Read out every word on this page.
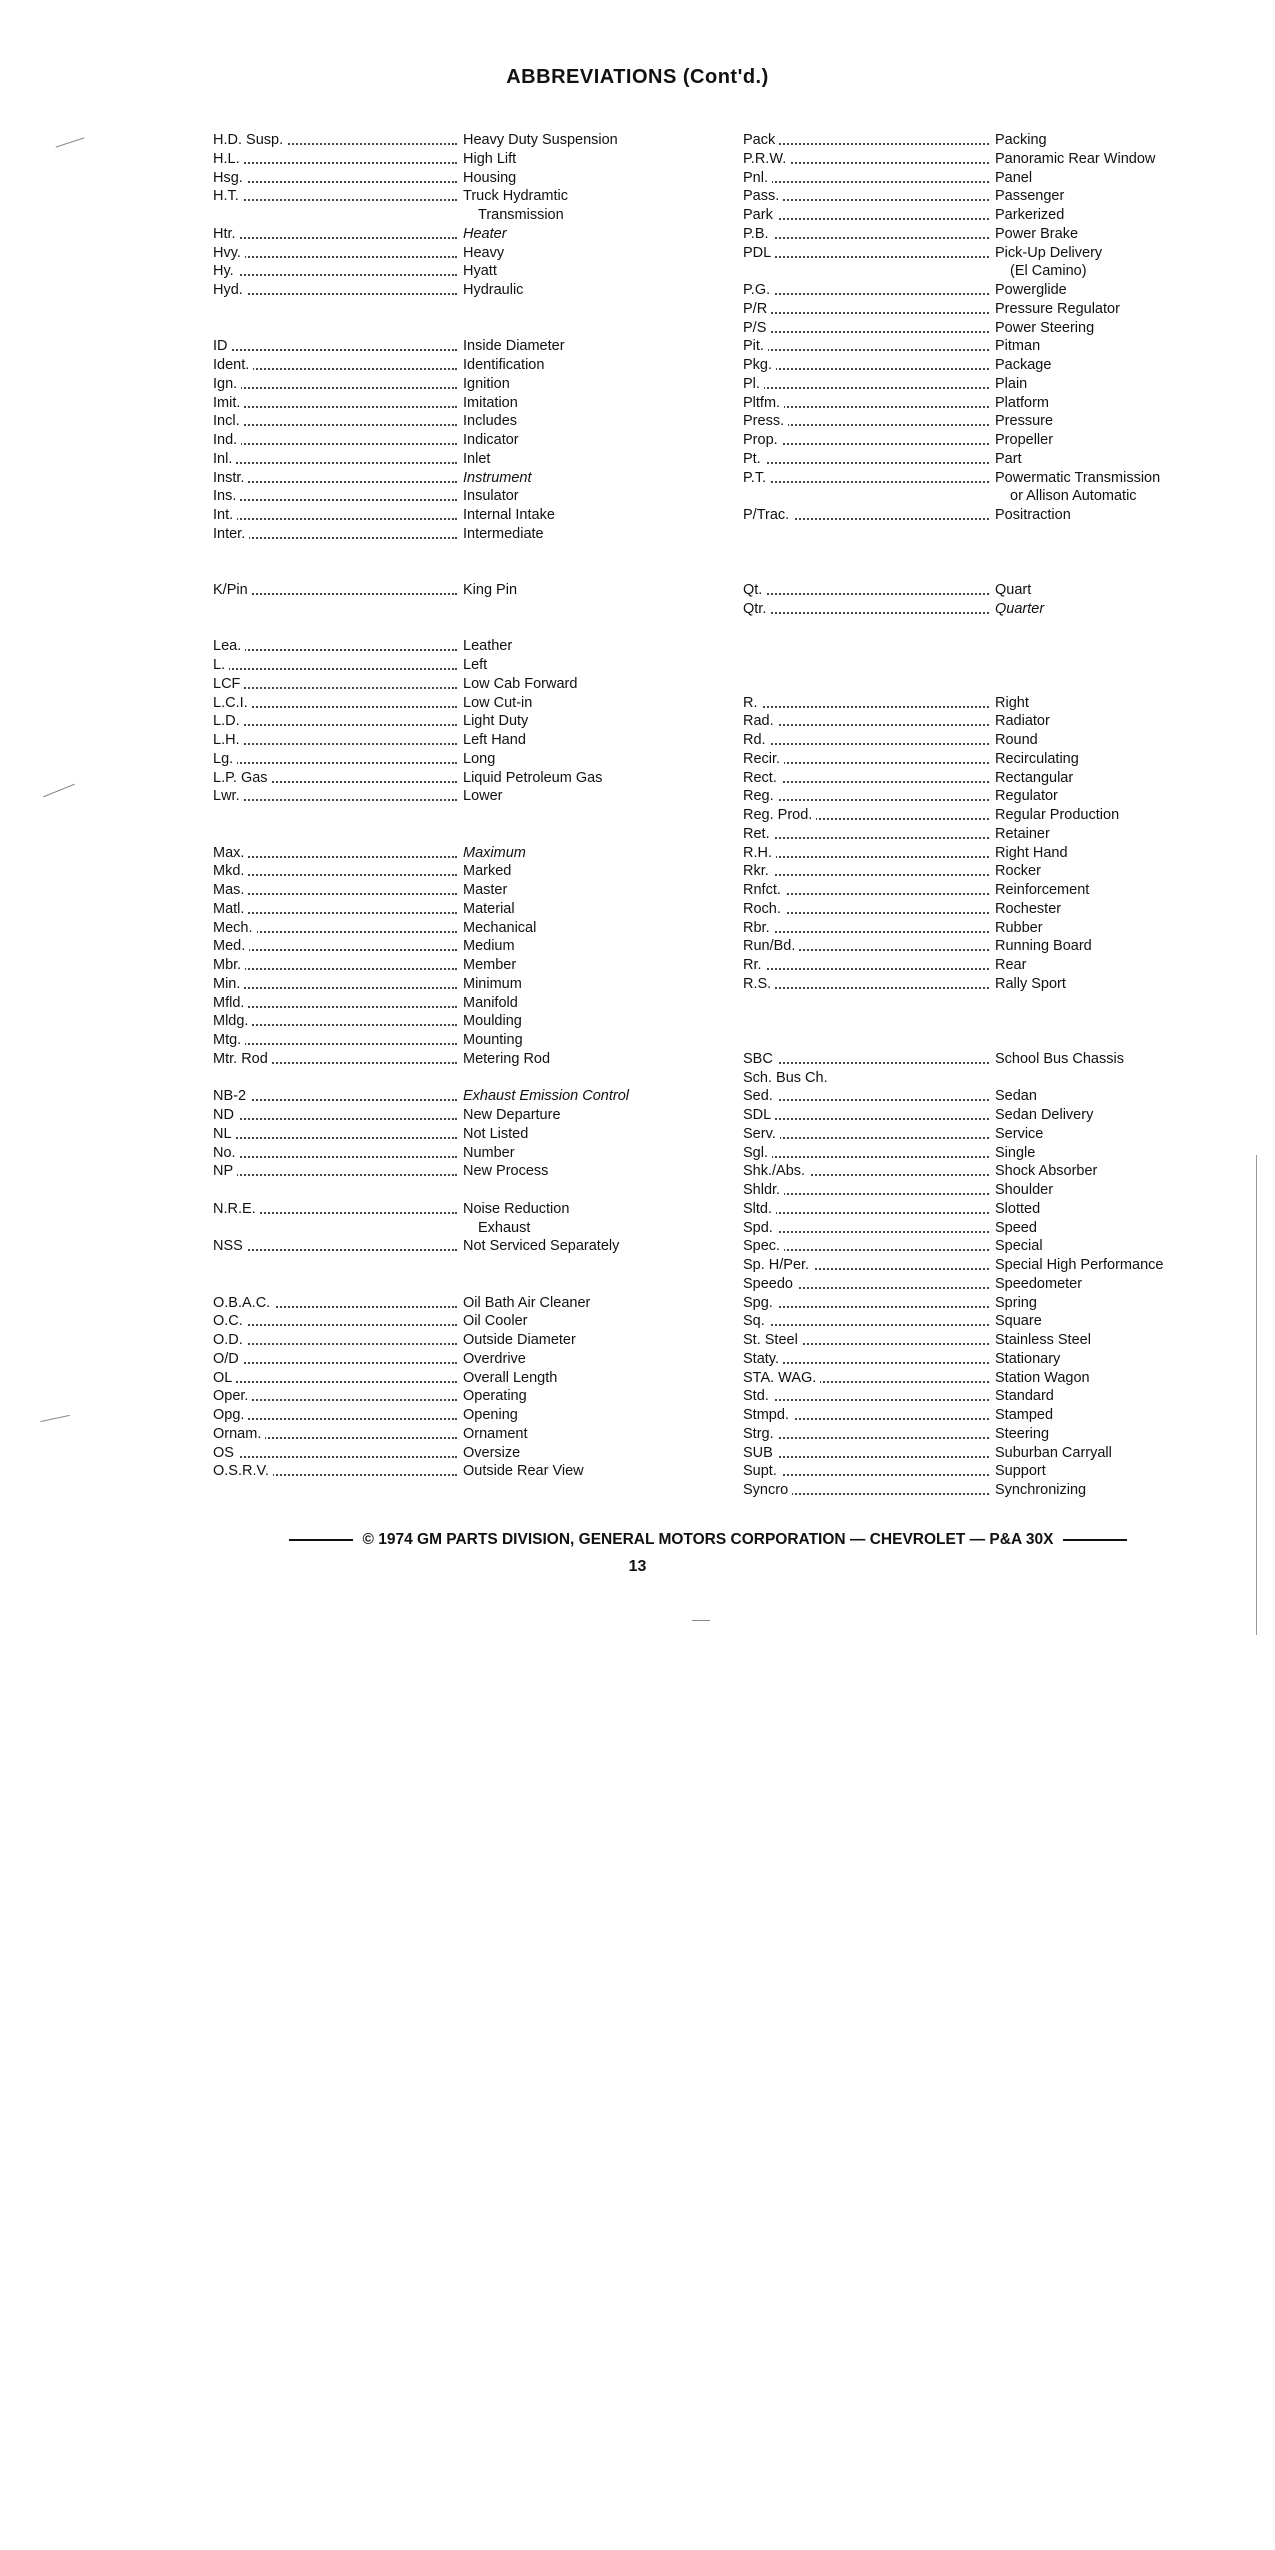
ABBREVIATIONS (Cont'd.)
H.D. Susp.	Heavy Duty Suspension
H.L.	High Lift
Hsg.	Housing
H.T.	Truck Hydramtic
Transmission
Htr.	Heater
Hvy.	Heavy
Hy.	Hyatt
Hyd.	Hydraulic
ID	Inside Diameter
Ident.	Identification
Ign.	Ignition
Imit.	Imitation
Incl.	Includes
Ind.	Indicator
Inl.	Inlet
Instr.	Instrument
Ins.	Insulator
Int.	Internal Intake
Inter.	Intermediate
K/Pin	King Pin
Lea.	Leather
L.	Left
LCF	Low Cab Forward
L.C.I.	Low Cut-in
L.D.	Light Duty
L.H.	Left Hand
Lg.	Long
L.P. Gas	Liquid Petroleum Gas
Lwr.	Lower
Max.	Maximum
Mkd.	Marked
Mas.	Master
Matl.	Material
Mech.	Mechanical
Med.	Medium
Mbr.	Member
Min.	Minimum
Mfld.	Manifold
Mldg.	Moulding
Mtg.	Mounting
Mtr. Rod	Metering Rod
NB-2	Exhaust Emission Control
ND	New Departure
NL	Not Listed
No.	Number
NP	New Process
N.R.E.	Noise Reduction
Exhaust
NSS	Not Serviced Separately
O.B.A.C.	Oil Bath Air Cleaner
O.C.	Oil Cooler
O.D.	Outside Diameter
O/D	Overdrive
OL	Overall Length
Oper.	Operating
Opg.	Opening
Ornam.	Ornament
OS	Oversize
O.S.R.V.	Outside Rear View
Pack	Packing
P.R.W.	Panoramic Rear Window
Pnl.	Panel
Pass.	Passenger
Park	Parkerized
P.B.	Power Brake
PDL	Pick-Up Delivery
(El Camino)
P.G.	Powerglide
P/R	Pressure Regulator
P/S	Power Steering
Pit.	Pitman
Pkg.	Package
Pl.	Plain
Pltfm.	Platform
Press.	Pressure
Prop.	Propeller
Pt.	Part
P.T.	Powermatic Transmission
or Allison Automatic
P/Trac.	Positraction
Qt.	Quart
Qtr.	Quarter
R.	Right
Rad.	Radiator
Rd.	Round
Recir.	Recirculating
Rect.	Rectangular
Reg.	Regulator
Reg. Prod.	Regular Production
Ret.	Retainer
R.H.	Right Hand
Rkr.	Rocker
Rnfct.	Reinforcement
Roch.	Rochester
Rbr.	Rubber
Run/Bd.	Running Board
Rr.	Rear
R.S.	Rally Sport
SBC	School Bus Chassis
Sch. Bus Ch.
Sed.	Sedan
SDL	Sedan Delivery
Serv.	Service
Sgl.	Single
Shk./Abs.	Shock Absorber
Shldr.	Shoulder
Sltd.	Slotted
Spd.	Speed
Spec.	Special
Sp. H/Per.	Special High Performance
Speedo	Speedometer
Spg.	Spring
Sq.	Square
St. Steel	Stainless Steel
Staty.	Stationary
STA. WAG.	Station Wagon
Std.	Standard
Stmpd.	Stamped
Strg.	Steering
SUB	Suburban Carryall
Supt.	Support
Syncro	Synchronizing
© 1974 GM PARTS DIVISION, GENERAL MOTORS CORPORATION — CHEVROLET — P&A 30X
13
